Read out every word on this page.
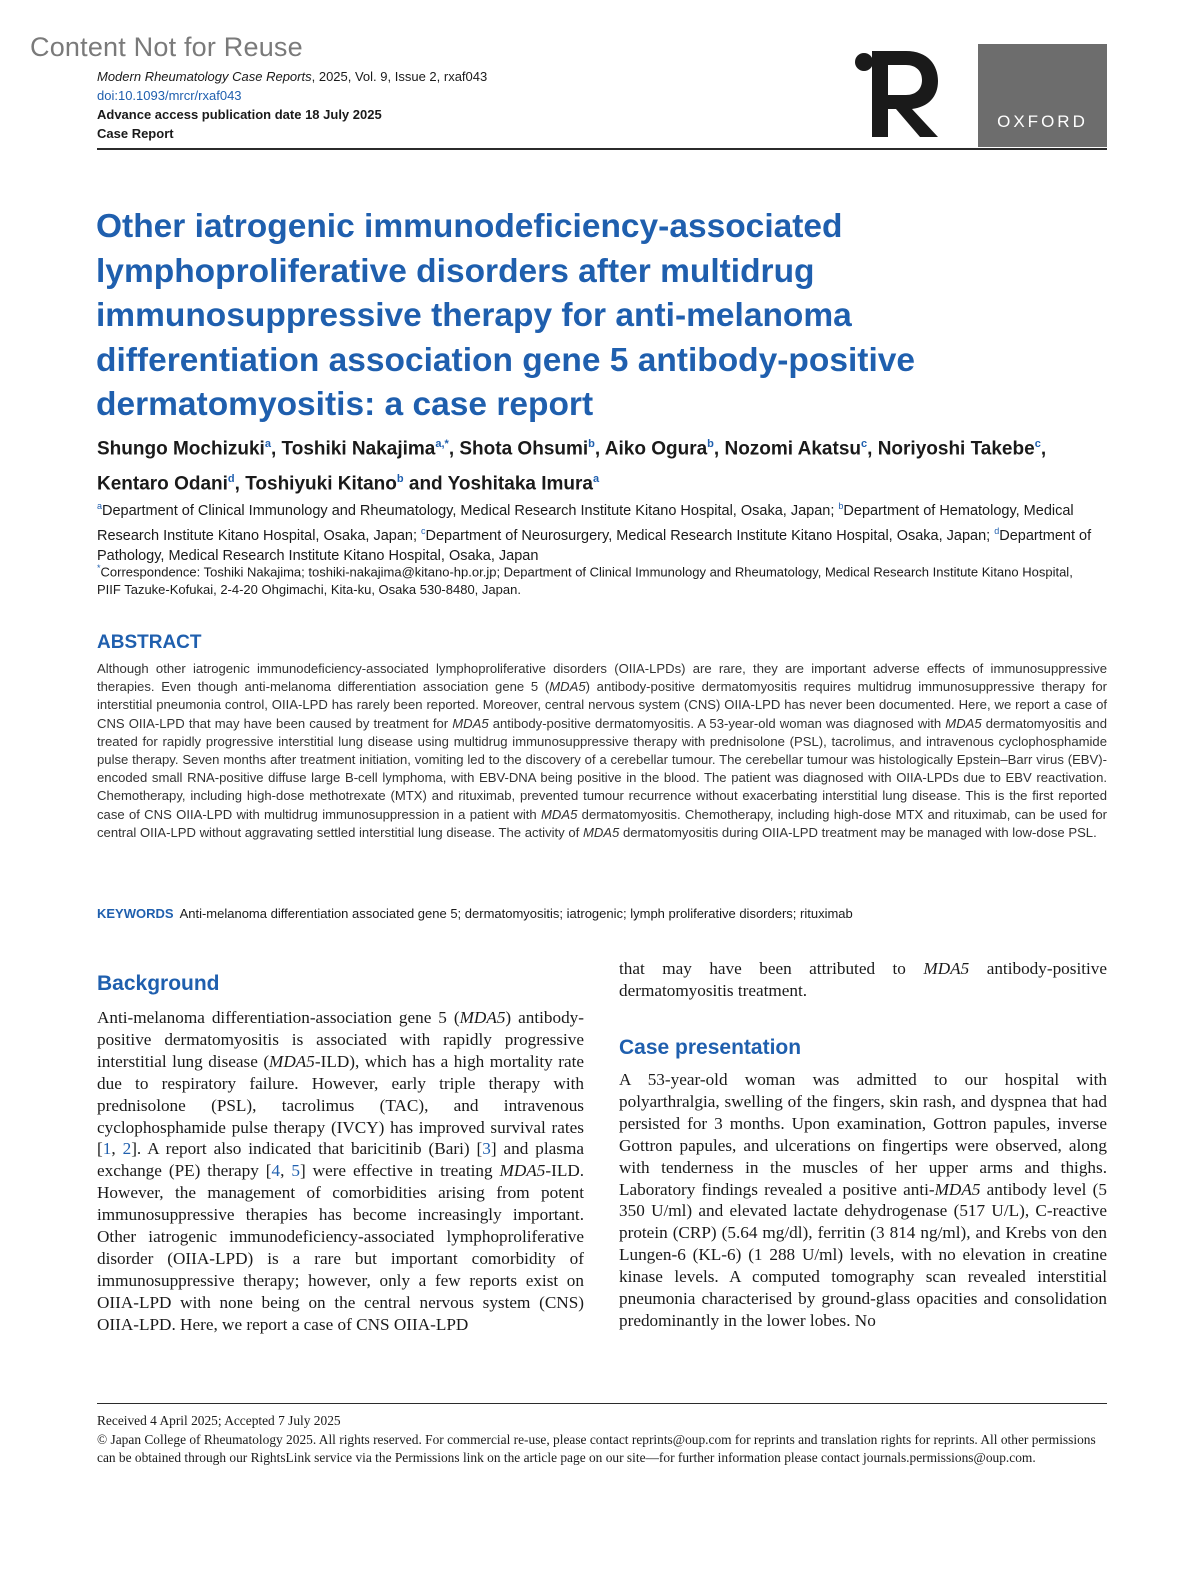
Content Not for Reuse
Modern Rheumatology Case Reports, 2025, Vol. 9, Issue 2, rxaf043
doi:10.1093/mrcr/rxaf043
Advance access publication date 18 July 2025
Case Report
OXFORD
Other iatrogenic immunodeficiency-associated lymphoproliferative disorders after multidrug immunosuppressive therapy for anti-melanoma differentiation association gene 5 antibody-positive dermatomyositis: a case report
Shungo Mochizuki$^a$, Toshiki Nakajima$^{a,*}$, Shota Ohsumi$^b$, Aiko Ogura$^b$, Nozomi Akatsu$^c$, Noriyoshi Takebe$^c$, Kentaro Odani$^d$, Toshiyuki Kitano$^b$ and Yoshitaka Imura$^a$
$^a$Department of Clinical Immunology and Rheumatology, Medical Research Institute Kitano Hospital, Osaka, Japan; $^b$Department of Hematology, Medical Research Institute Kitano Hospital, Osaka, Japan; $^c$Department of Neurosurgery, Medical Research Institute Kitano Hospital, Osaka, Japan; $^d$Department of Pathology, Medical Research Institute Kitano Hospital, Osaka, Japan
*Correspondence: Toshiki Nakajima; toshiki-nakajima@kitano-hp.or.jp; Department of Clinical Immunology and Rheumatology, Medical Research Institute Kitano Hospital, PIIF Tazuke-Kofukai, 2-4-20 Ohgimachi, Kita-ku, Osaka 530-8480, Japan.
ABSTRACT

Although other iatrogenic immunodeficiency-associated lymphoproliferative disorders (OIIA-LPDs) are rare, they are important adverse effects of immunosuppressive therapies. Even though anti-melanoma differentiation association gene 5 (MDA5) antibody-positive dermatomyositis requires multidrug immunosuppressive therapy for interstitial pneumonia control, OIIA-LPD has rarely been reported. Moreover, central nervous system (CNS) OIIA-LPD has never been documented. Here, we report a case of CNS OIIA-LPD that may have been caused by treatment for MDA5 antibody-positive dermatomyositis. A 53-year-old woman was diagnosed with MDA5 dermatomyositis and treated for rapidly progressive interstitial lung disease using multidrug immunosuppressive therapy with prednisolone (PSL), tacrolimus, and intravenous cyclophosphamide pulse therapy. Seven months after treatment initiation, vomiting led to the discovery of a cerebellar tumour. The cerebellar tumour was histologically Epstein–Barr virus (EBV)-encoded small RNA-positive diffuse large B-cell lymphoma, with EBV-DNA being positive in the blood. The patient was diagnosed with OIIA-LPDs due to EBV reactivation. Chemotherapy, including high-dose methotrexate (MTX) and rituximab, prevented tumour recurrence without exacerbating interstitial lung disease. This is the first reported case of CNS OIIA-LPD with multidrug immunosuppression in a patient with MDA5 dermatomyositis. Chemotherapy, including high-dose MTX and rituximab, can be used for central OIIA-LPD without aggravating settled interstitial lung disease. The activity of MDA5 dermatomyositis during OIIA-LPD treatment may be managed with low-dose PSL.

KEYWORDS Anti-melanoma differentiation associated gene 5; dermatomyositis; iatrogenic; lymph proliferative disorders; rituximab
Background

Anti-melanoma differentiation-association gene 5 (MDA5) antibody-positive dermatomyositis is associated with rapidly progressive interstitial lung disease (MDA5-ILD), which has a high mortality rate due to respiratory failure. However, early triple therapy with prednisolone (PSL), tacrolimus (TAC), and intravenous cyclophosphamide pulse therapy (IVCY) has improved survival rates [1, 2]. A report also indicated that baricitinib (Bari) [3] and plasma exchange (PE) therapy [4, 5] were effective in treating MDA5-ILD. However, the management of comorbidities arising from potent immunosuppressive therapies has become increasingly important. Other iatrogenic immunodeficiency-associated lymphoproliferative disorder (OIIA-LPD) is a rare but important comorbidity of immunosuppressive therapy; however, only a few reports exist on OIIA-LPD with none being on the central nervous system (CNS) OIIA-LPD. Here, we report a case of CNS OIIA-LPD

that may have been attributed to MDA5 antibody-positive dermatomyositis treatment.

Case presentation

A 53-year-old woman was admitted to our hospital with polyarthralgia, swelling of the fingers, skin rash, and dyspnea that had persisted for 3 months. Upon examination, Gottron papules, inverse Gottron papules, and ulcerations on fingertips were observed, along with tenderness in the muscles of her upper arms and thighs. Laboratory findings revealed a positive anti-MDA5 antibody level (5 350 U/ml) and elevated lactate dehydrogenase (517 U/L), C-reactive protein (CRP) (5.64 mg/dl), ferritin (3 814 ng/ml), and Krebs von den Lungen-6 (KL-6) (1 288 U/ml) levels, with no elevation in creatine kinase levels. A computed tomography scan revealed interstitial pneumonia characterised by ground-glass opacities and consolidation predominantly in the lower lobes. No

Received 4 April 2025; Accepted 7 July 2025

© Japan College of Rheumatology 2025. All rights reserved. For commercial re-use, please contact reprints@oup.com for reprints and translation rights for reprints. All other permissions can be obtained through our RightsLink service via the Permissions link on the article page on our site—for further information please contact journals.permissions@oup.com.
